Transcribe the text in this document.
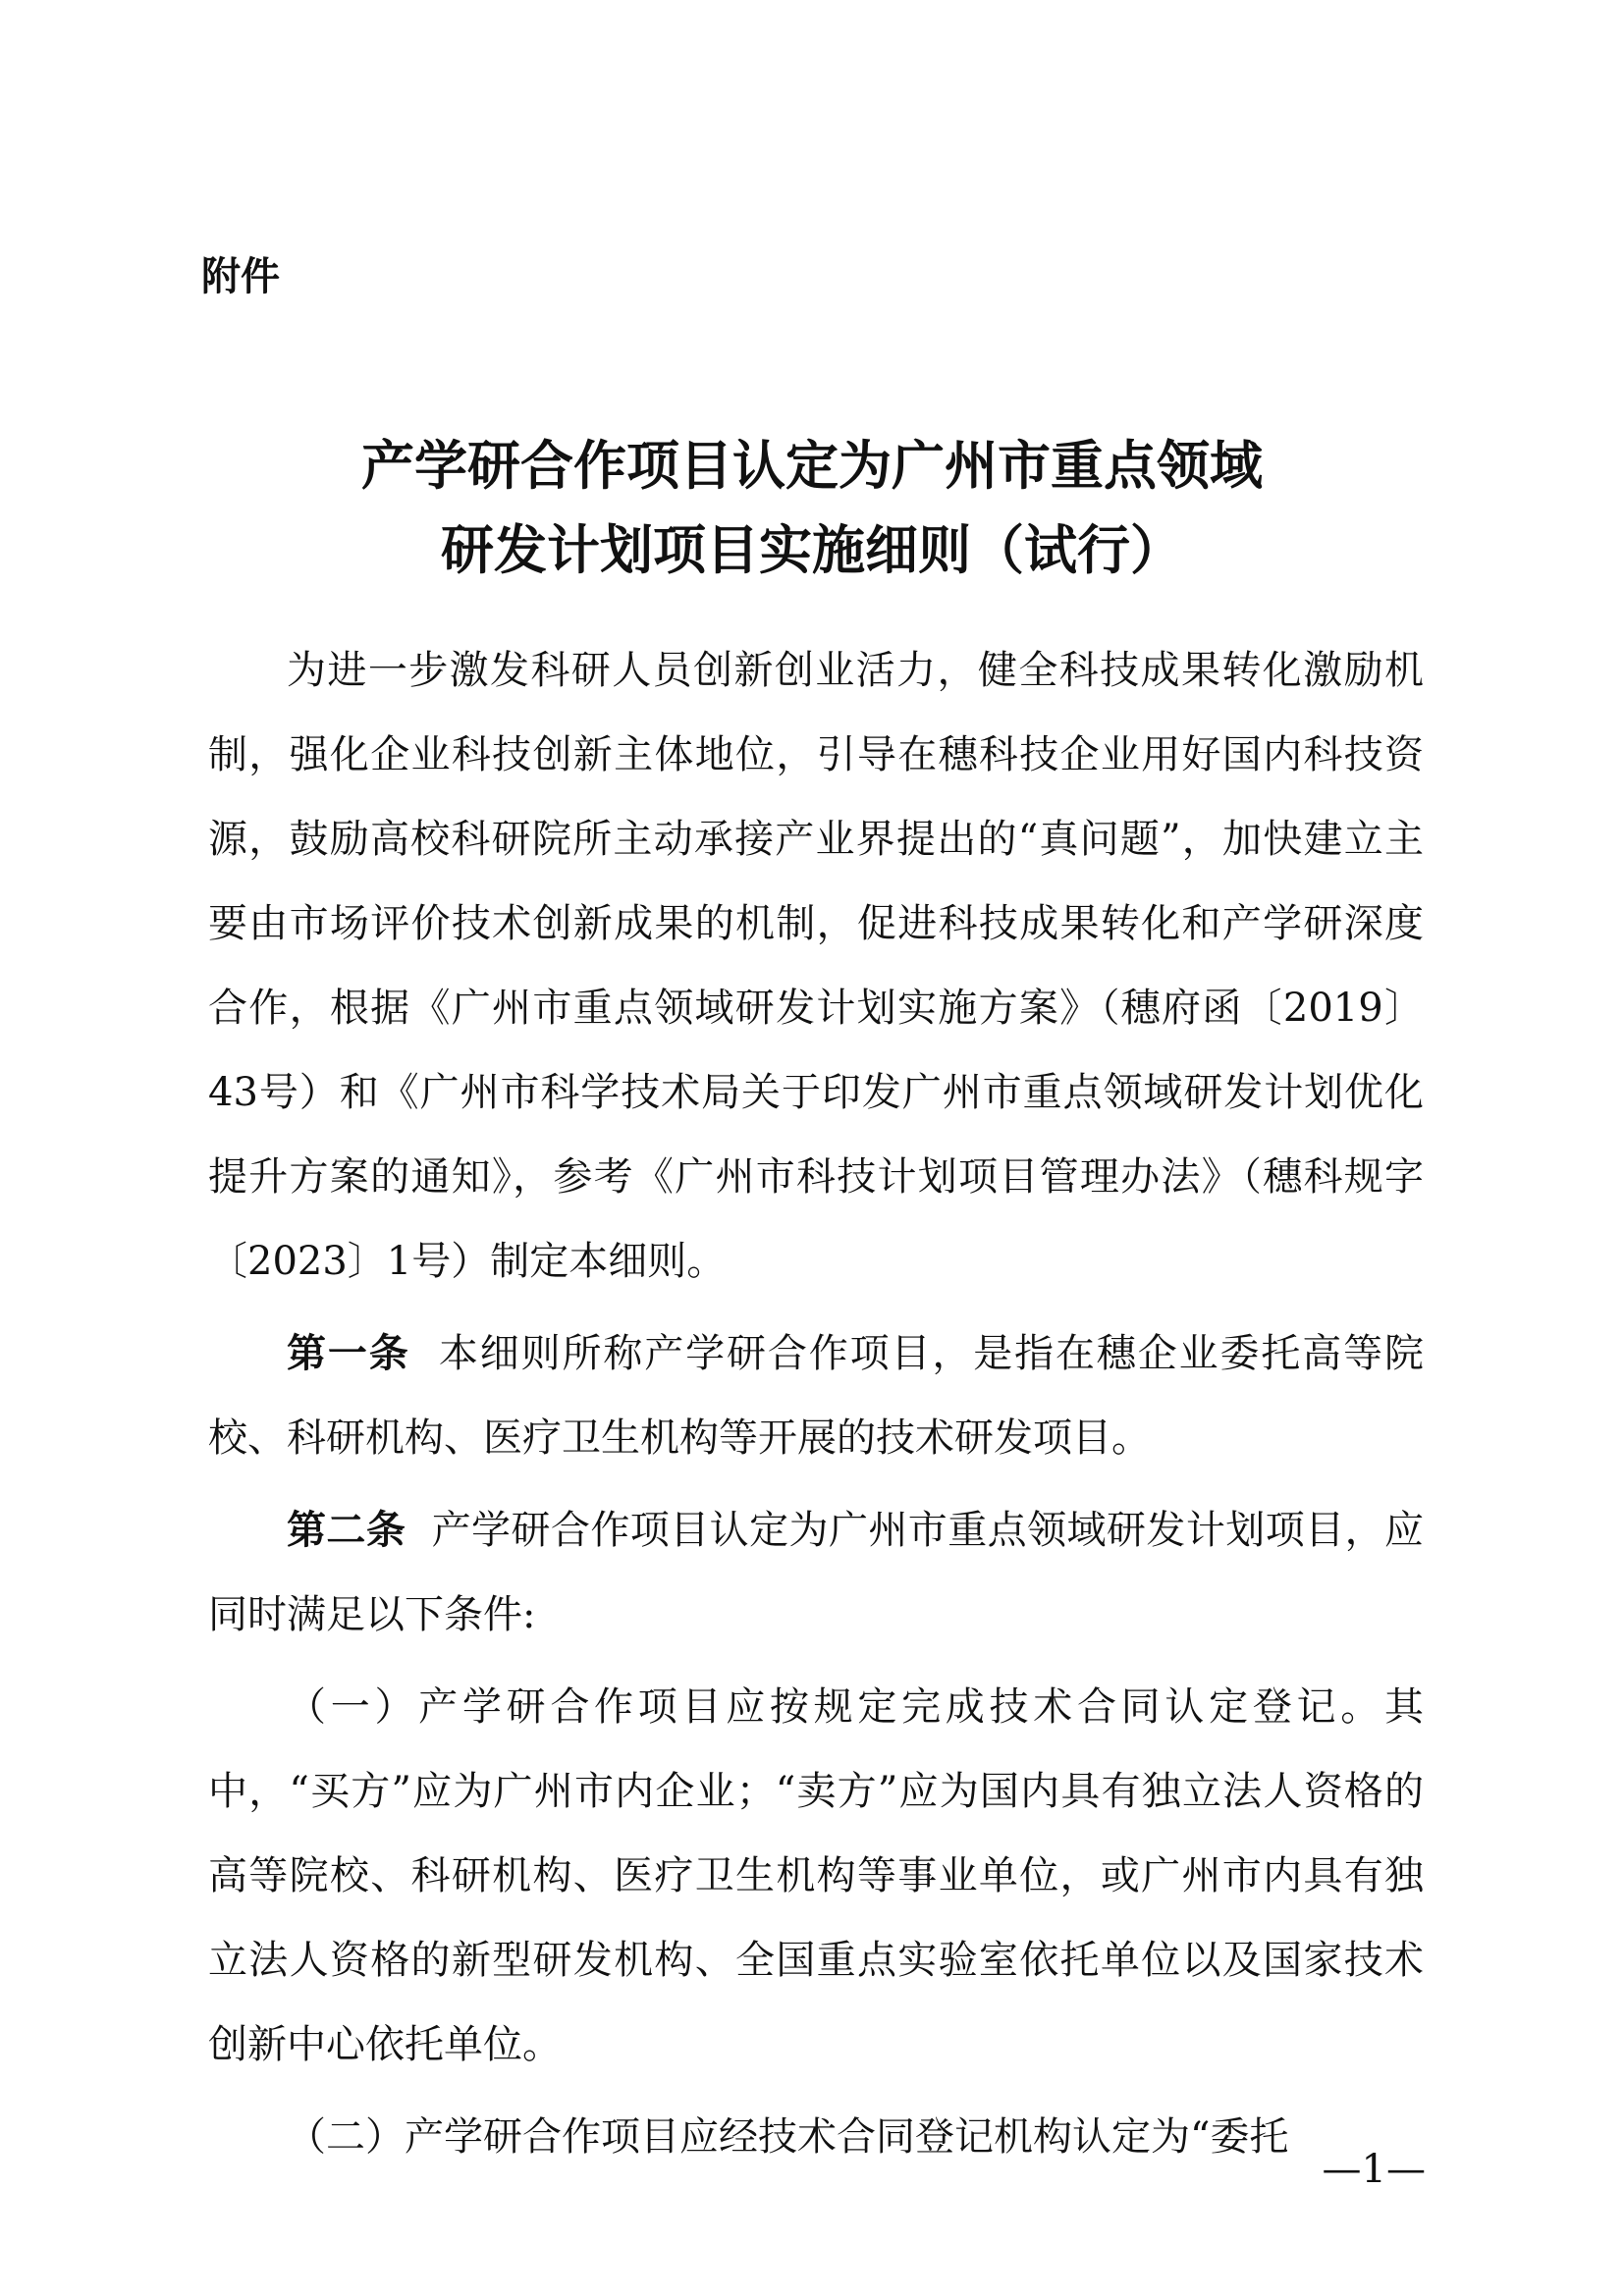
附件
产学研合作项目认定为广州市重点领域
研发计划项目实施细则（试行）

为进一步激发科研人员创新创业活力，健全科技成果转化激励机制，强化企业科技创新主体地位，引导在穗科技企业用好国内科技资源，鼓励高校科研院所主动承接产业界提出的“真问题”，加快建立主要由市场评价技术创新成果的机制，促进科技成果转化和产学研深度合作，根据《广州市重点领域研发计划实施方案》（穗府函〔2019〕43号）和《广州市科学技术局关于印发广州市重点领域研发计划优化提升方案的通知》，参考《广州市科技计划项目管理办法》（穗科规字〔2023〕1号）制定本细则。

第一条 本细则所称产学研合作项目，是指在穗企业委托高等院校、科研机构、医疗卫生机构等开展的技术研发项目。

第二条 产学研合作项目认定为广州市重点领域研发计划项目，应同时满足以下条件:

（一）产学研合作项目应按规定完成技术合同认定登记。其中，“买方”应为广州市内企业；“卖方”应为国内具有独立法人资格的高等院校、科研机构、医疗卫生机构等事业单位，或广州市内具有独立法人资格的新型研发机构、全国重点实验室依托单位以及国家技术创新中心依托单位。

（二）产学研合作项目应经技术合同登记机构认定为“委托

—1—
